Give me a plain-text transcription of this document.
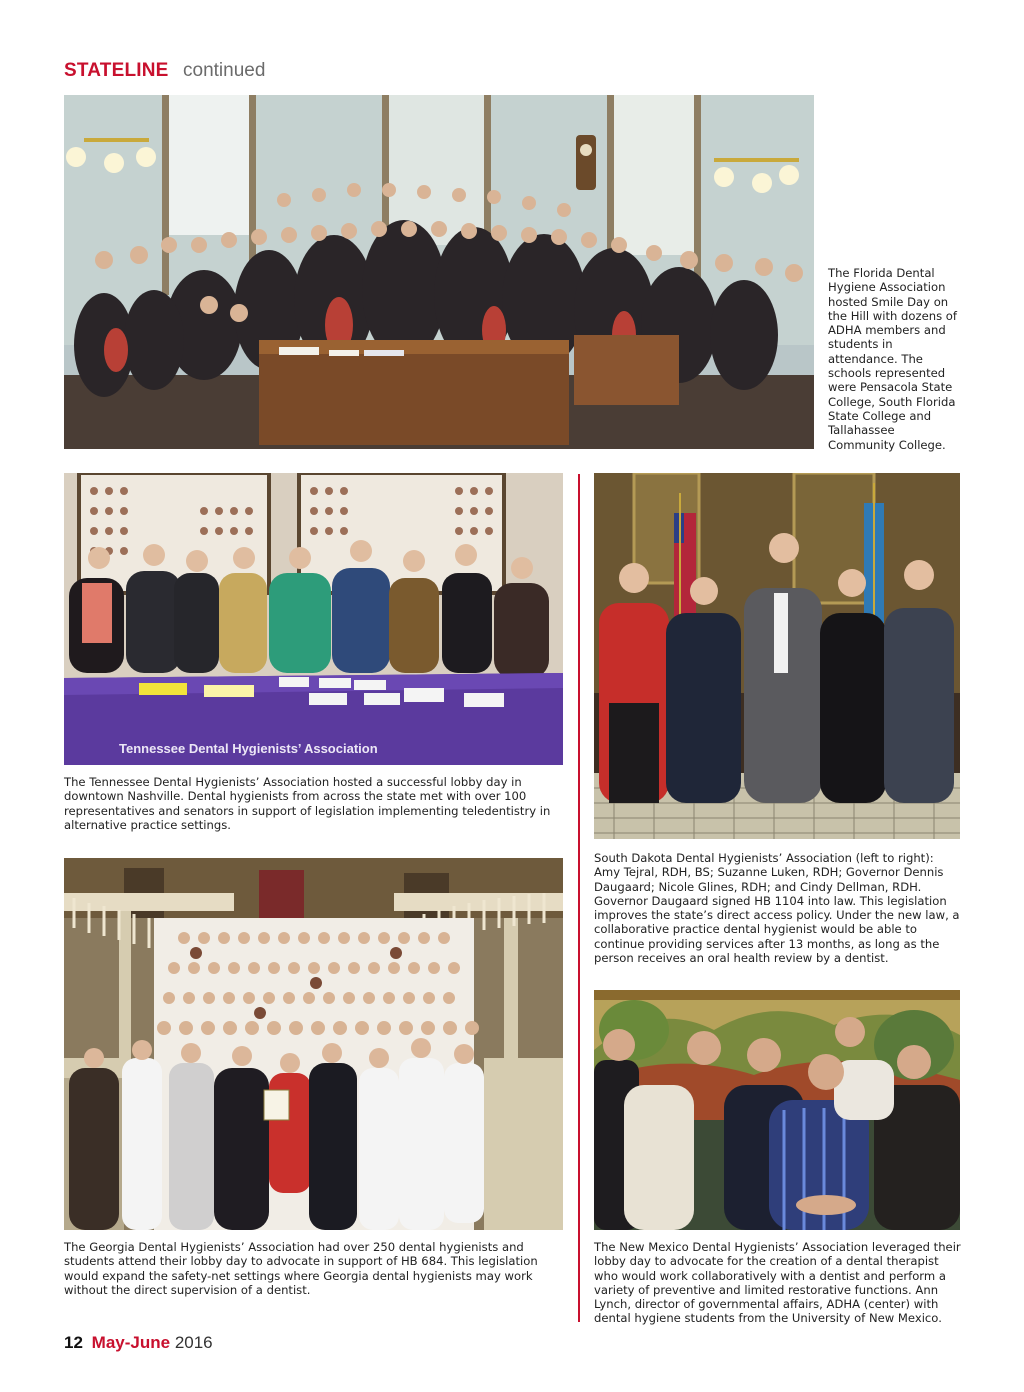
STATELINE continued
The Florida Dental Hygiene Association hosted Smile Day on the Hill with dozens of ADHA members and students in attendance. The schools represented were Pensacola State College, South Florida State College and Tallahassee Community College.
Tennessee Dental Hygienists’ Association
The Tennessee Dental Hygienists’ Association hosted a successful lobby day in downtown Nashville. Dental hygienists from across the state met with over 100 representatives and senators in support of legislation implementing teledentistry in alternative practice settings.
South Dakota Dental Hygienists’ Association (left to right): Amy Tejral, RDH, BS; Suzanne Luken, RDH; Governor Dennis Daugaard; Nicole Glines, RDH; and Cindy Dellman, RDH. Governor Daugaard signed HB 1104 into law. This legislation improves the state’s direct access policy. Under the new law, a collaborative practice dental hygienist would be able to continue providing services after 13 months, as long as the person receives an oral health review by a dentist.
The Georgia Dental Hygienists’ Association had over 250 dental hygienists and students attend their lobby day to advocate in support of HB 684. This legislation would expand the safety-net settings where Georgia dental hygienists may work without the direct supervision of a dentist.
The New Mexico Dental Hygienists’ Association leveraged their lobby day to advocate for the creation of a dental therapist who would work collaboratively with a dentist and perform a variety of preventive and limited restorative functions. Ann Lynch, director of governmental affairs, ADHA (center) with dental hygiene students from the University of New Mexico.
12 May-June 2016
